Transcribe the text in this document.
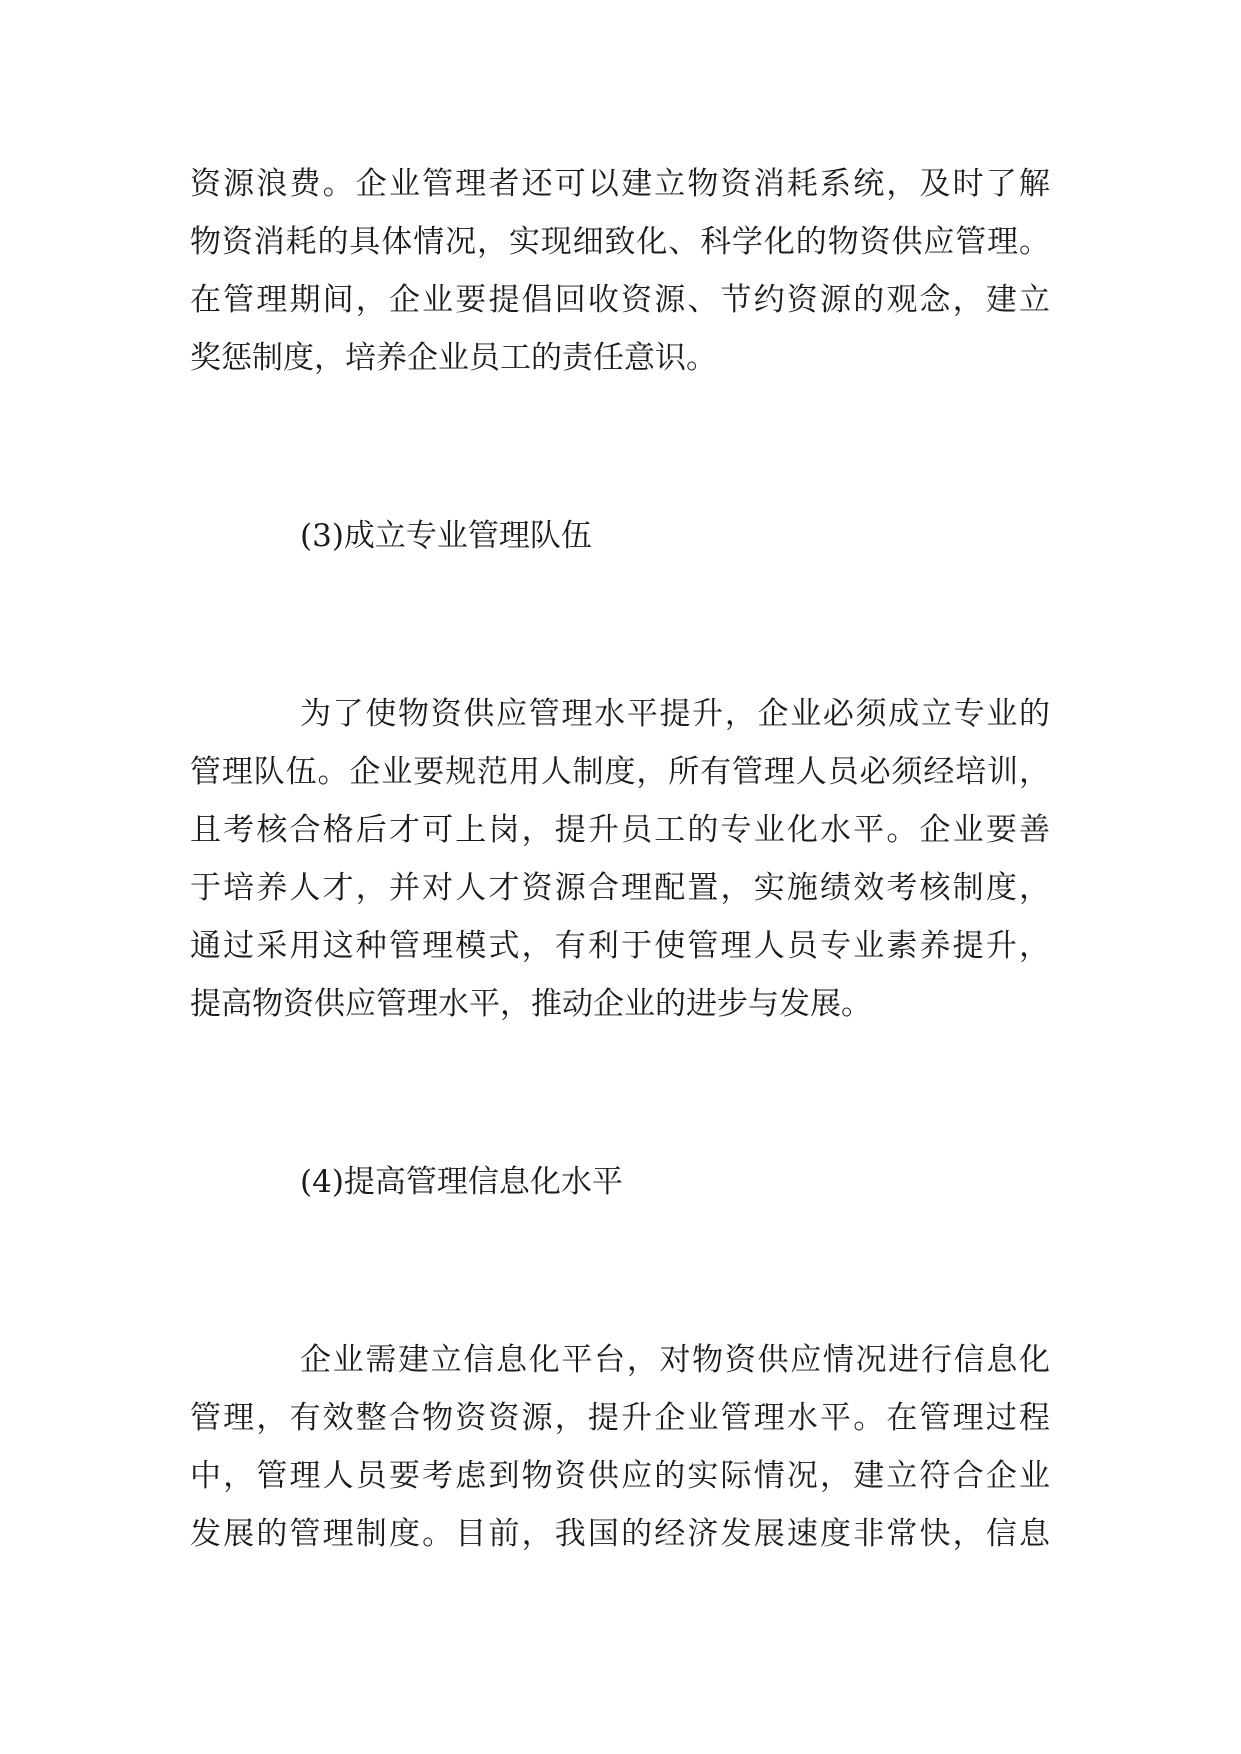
资源浪费。企业管理者还可以建立物资消耗系统，及时了解
物资消耗的具体情况，实现细致化、科学化的物资供应管理。
在管理期间，企业要提倡回收资源、节约资源的观念，建立
奖惩制度，培养企业员工的责任意识。
(3)成立专业管理队伍
为了使物资供应管理水平提升，企业必须成立专业的
管理队伍。企业要规范用人制度，所有管理人员必须经培训，
且考核合格后才可上岗，提升员工的专业化水平。企业要善
于培养人才，并对人才资源合理配置，实施绩效考核制度，
通过采用这种管理模式，有利于使管理人员专业素养提升，
提高物资供应管理水平，推动企业的进步与发展。
(4)提高管理信息化水平
企业需建立信息化平台，对物资供应情况进行信息化
管理，有效整合物资资源，提升企业管理水平。在管理过程
中，管理人员要考虑到物资供应的实际情况，建立符合企业
发展的管理制度。目前，我国的经济发展速度非常快，信息
